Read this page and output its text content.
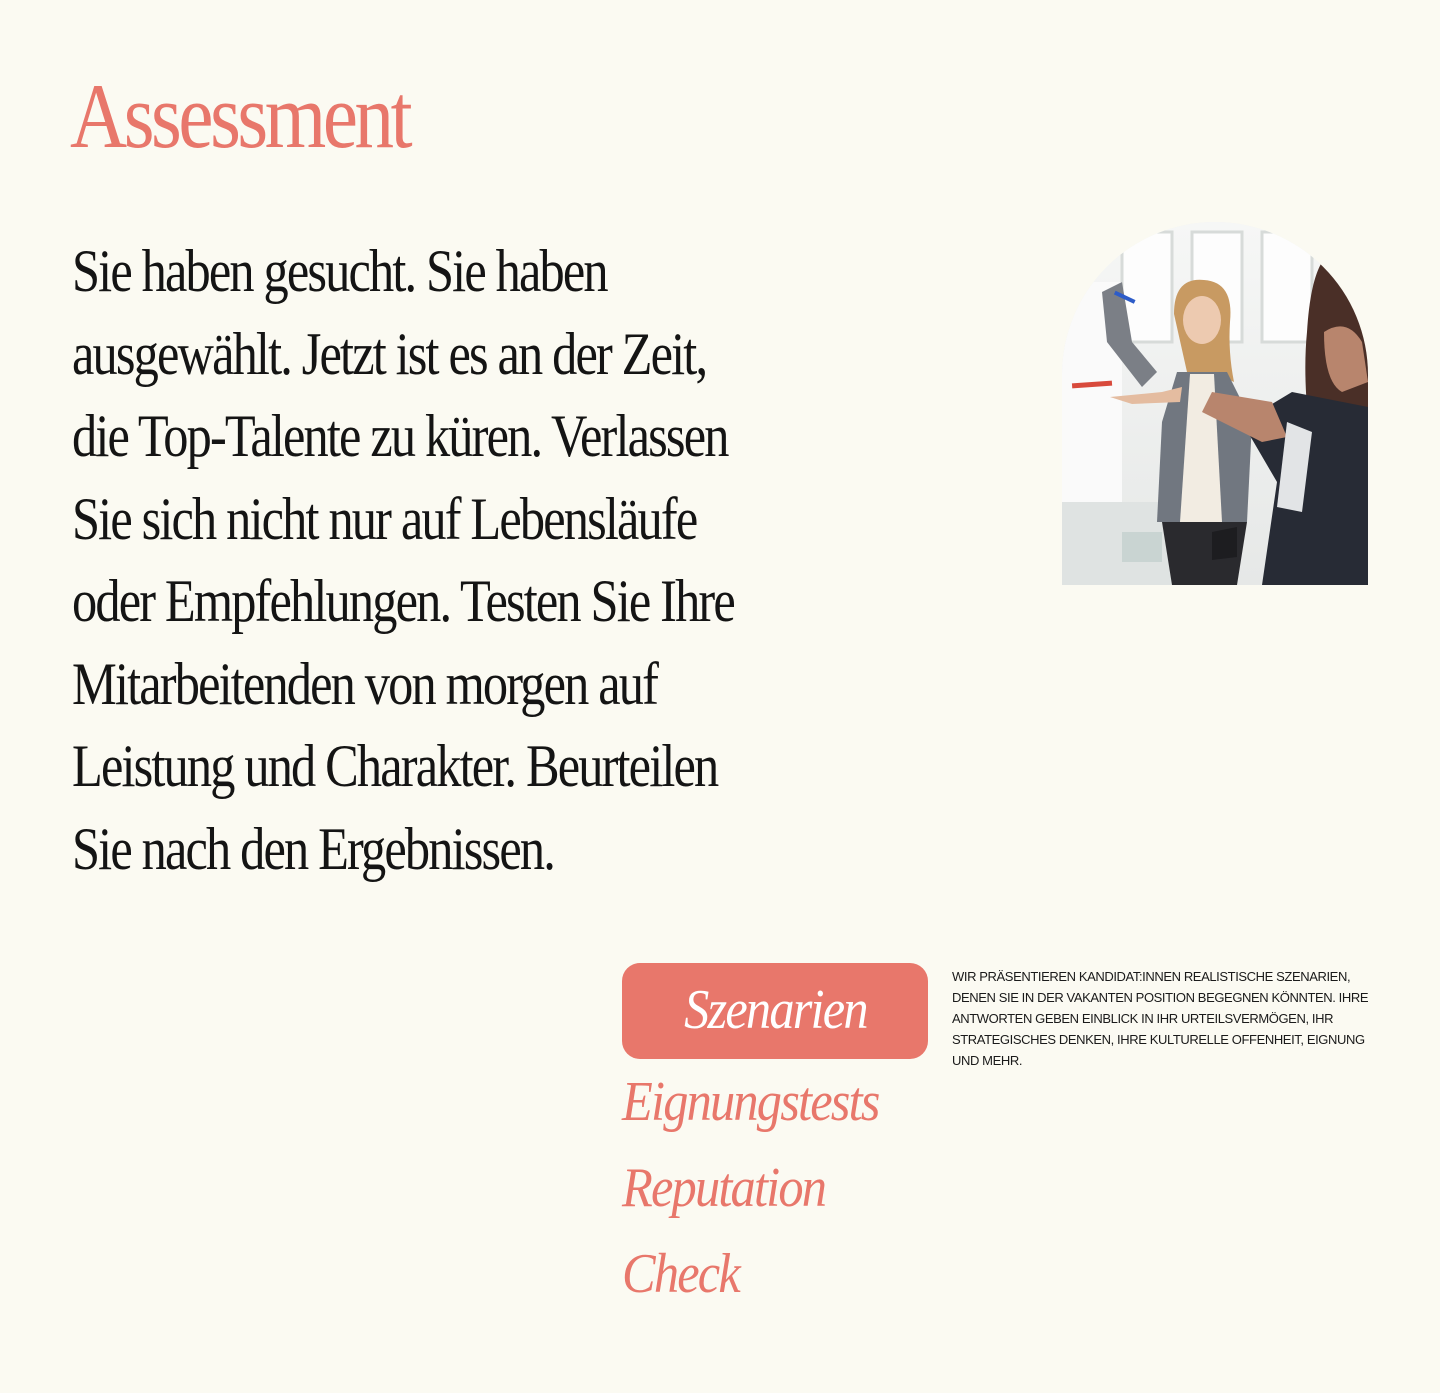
Assessment

Sie haben gesucht. Sie haben
ausgewählt. Jetzt ist es an der Zeit,
die Top-Talente zu küren. Verlassen
Sie sich nicht nur auf Lebensläufe
oder Empfehlungen. Testen Sie Ihre
Mitarbeitenden von morgen auf
Leistung und Charakter. Beurteilen
Sie nach den Ergebnissen.

Szenarien
Eignungstests
Reputation
Check

WIR PRÄSENTIEREN KANDIDAT:INNEN REALISTISCHE SZENARIEN, DENEN SIE IN DER VAKANTEN POSITION BEGEGNEN KÖNNTEN. IHRE ANTWORTEN GEBEN EINBLICK IN IHR URTEILSVERMÖGEN, IHR STRATEGISCHES DENKEN, IHRE KULTURELLE OFFENHEIT, EIGNUNG UND MEHR.
